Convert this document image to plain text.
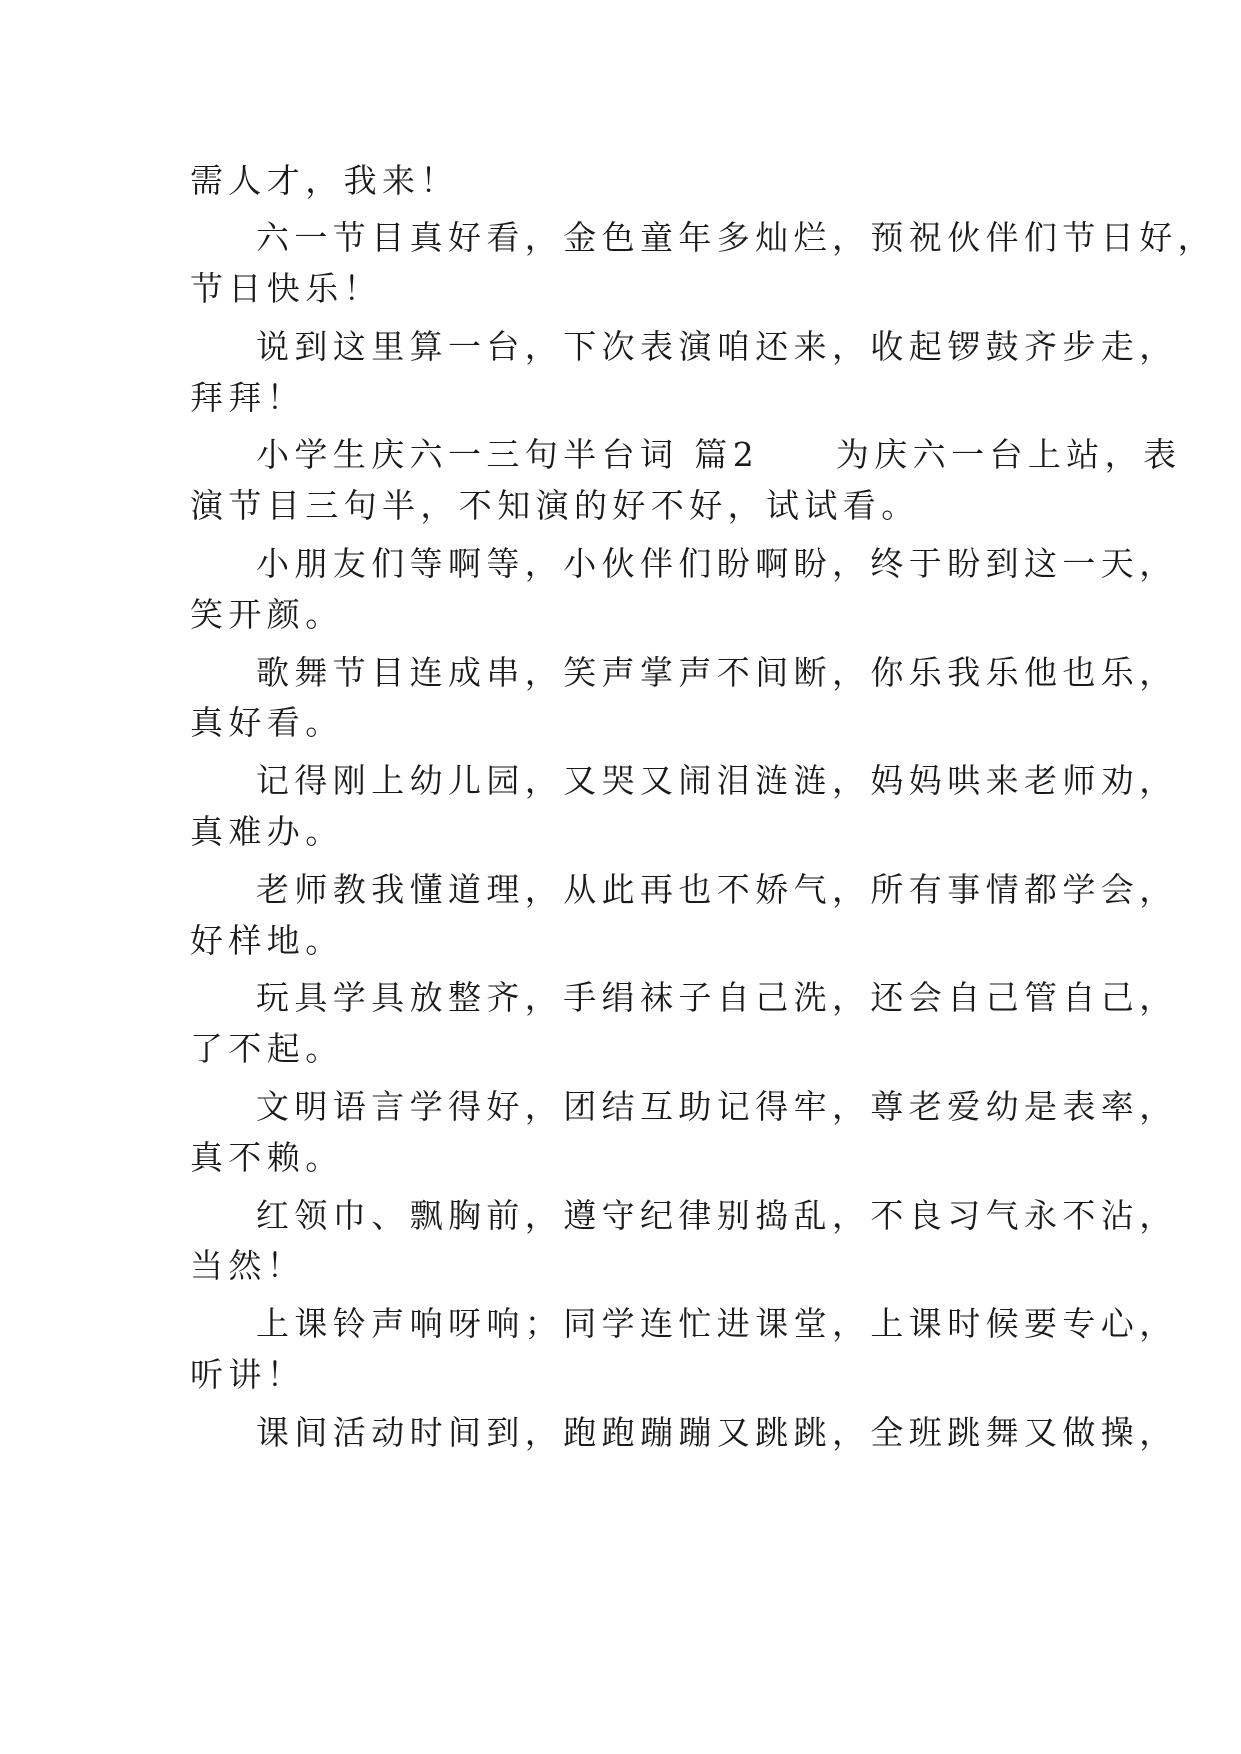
需人才，我来！
六一节目真好看，金色童年多灿烂，预祝伙伴们节日好，
节日快乐！
说到这里算一台，下次表演咱还来，收起锣鼓齐步走，
拜拜！
小学生庆六一三句半台词 篇2　　为庆六一台上站，表
演节目三句半，不知演的好不好，试试看。
小朋友们等啊等，小伙伴们盼啊盼，终于盼到这一天，
笑开颜。
歌舞节目连成串，笑声掌声不间断，你乐我乐他也乐，
真好看。
记得刚上幼儿园，又哭又闹泪涟涟，妈妈哄来老师劝，
真难办。
老师教我懂道理，从此再也不娇气，所有事情都学会，
好样地。
玩具学具放整齐，手绢袜子自己洗，还会自己管自己，
了不起。
文明语言学得好，团结互助记得牢，尊老爱幼是表率，
真不赖。
红领巾、飘胸前，遵守纪律别捣乱，不良习气永不沾，
当然！
上课铃声响呀响；同学连忙进课堂，上课时候要专心，
听讲！
课间活动时间到，跑跑蹦蹦又跳跳，全班跳舞又做操，
